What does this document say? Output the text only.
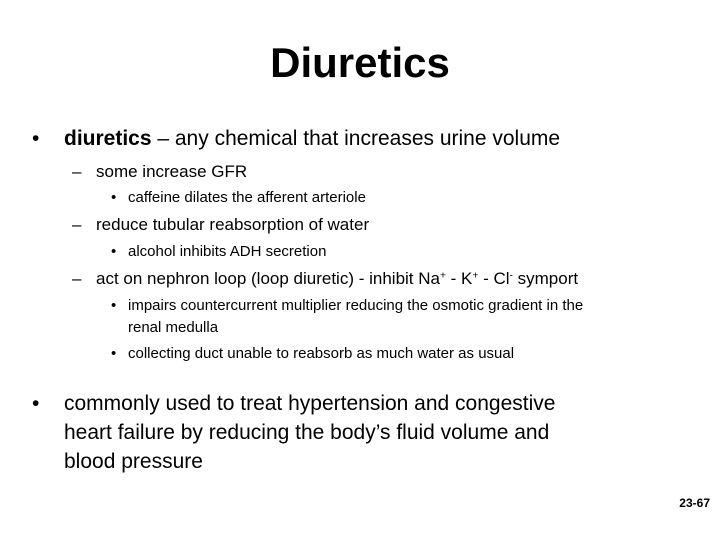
Diuretics
• diuretics – any chemical that increases urine volume
– some increase GFR
• caffeine dilates the afferent arteriole
– reduce tubular reabsorption of water
• alcohol inhibits ADH secretion
– act on nephron loop (loop diuretic) - inhibit Na+ - K+ - Cl- symport
• impairs countercurrent multiplier reducing the osmotic gradient in the
renal medulla
• collecting duct unable to reabsorb as much water as usual
• commonly used to treat hypertension and congestive
heart failure by reducing the body’s fluid volume and
blood pressure
23-67
